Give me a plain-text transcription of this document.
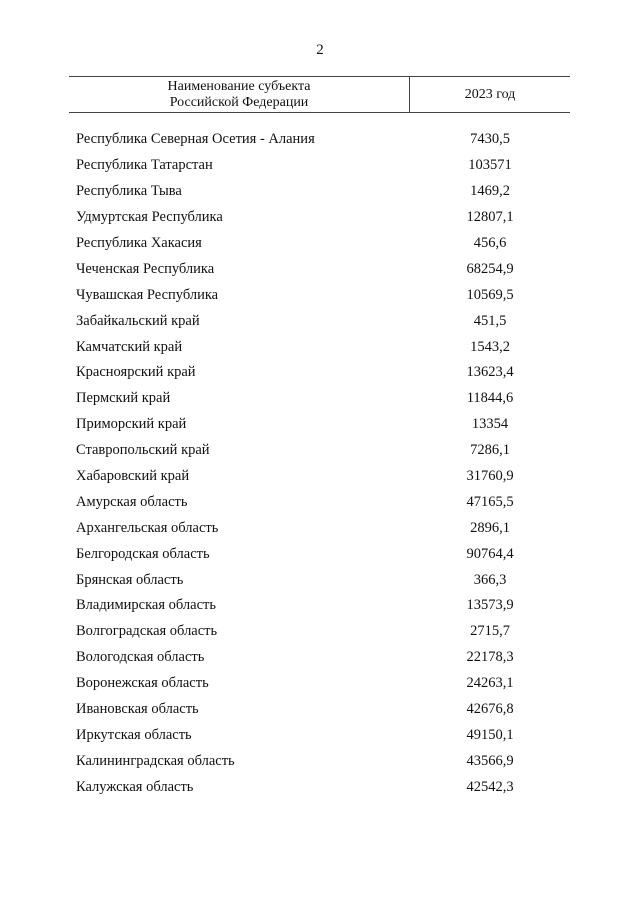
2
Наименование субъекта
Российской Федерации
2023 год
Республика Северная Осетия - Алания	7430,5
Республика Татарстан	103571
Республика Тыва	1469,2
Удмуртская Республика	12807,1
Республика Хакасия	456,6
Чеченская Республика	68254,9
Чувашская Республика	10569,5
Забайкальский край	451,5
Камчатский край	1543,2
Красноярский край	13623,4
Пермский край	11844,6
Приморский край	13354
Ставропольский край	7286,1
Хабаровский край	31760,9
Амурская область	47165,5
Архангельская область	2896,1
Белгородская область	90764,4
Брянская область	366,3
Владимирская область	13573,9
Волгоградская область	2715,7
Вологодская область	22178,3
Воронежская область	24263,1
Ивановская область	42676,8
Иркутская область	49150,1
Калининградская область	43566,9
Калужская область	42542,3
